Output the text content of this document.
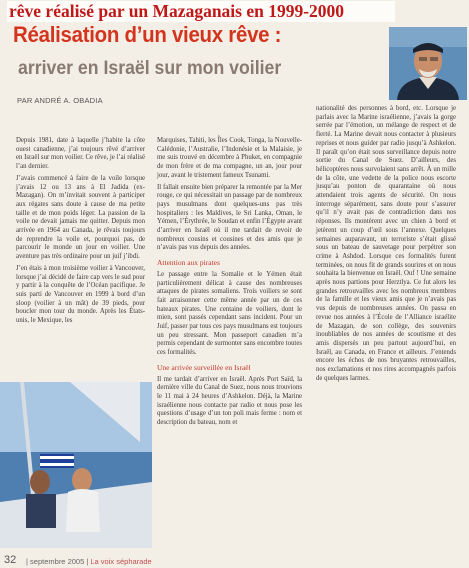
rêve réalisé par un Mazaganais en 1999-2000
Réalisation d’un vieux rêve :
arriver en Israël sur mon voilier
PAR ANDRÉ A. OBADIA

Depuis 1981, date à laquelle j’habite la côte ouest canadienne, j’ai toujours rêvé d’arriver en Israël sur mon voilier. Ce rêve, je l’ai réalisé l’an dernier.

J’avais commencé à faire de la voile lorsque j’avais 12 ou 13 ans à El Jadida (ex- Mazagan). On m’invitait souvent à participer aux régates sans doute à cause de ma petite taille et de mon poids léger. La passion de la voile ne devait jamais me quitter. Depuis mon arrivée en 1964 au Canada, je rêvais toujours de reprendre la voile et, pourquoi pas, de parcourir le monde un jour en voilier. Une aventure pas très ordinaire pour un juif j’ibdi.

J’en étais à mon troisième voilier à Vancouver, lorsque j’ai décidé de faire cap vers le sud pour y partir à la conquête de l’Océan pacifique. Je suis parti de Vancouver en 1999 à bord d’un sloop (voilier à un mât) de 39 pieds, pour boucler mon tour du monde. Après les États-unis, le Mexique, les

Marquises, Tahiti, les Îles Cook, Tonga, la Nouvelle-Calédonie, l’Australie, l’Indonésie et la Malaisie, je me suis trouvé en décembre à Phuket, en compagnie de mon frère et de ma compagne, un an, jour pour jour, avant le tristement fameux Tsunami.

Il fallait ensuite bien préparer la remontée par la Mer rouge, ce qui nécessitait un passage par de nombreux pays musulmans dont quelques-uns pas très hospitaliers : les Maldives, le Sri Lanka, Oman, le Yémen, l’Érythrée, le Soudan et enfin l’Égypte avant d’arriver en Israël où il me tardait de revoir de nombreux cousins et cousines et des amis que je n’avais pas vus depuis des années.

Attention aux pirates

Le passage entre la Somalie et le Yémen était particulièrement délicat à cause des nombreuses attaques de pirates somaliens. Trois voiliers se sont fait arraisonner cette même année par un de ces bateaux pirates. Une centaine de voiliers, dont le mien, sont passés cependant sans incident. Pour un Juif, passer par tous ces pays musulmans est toujours un peu stressant. Mon passeport canadien m’a permis cependant de surmonter sans encombre toutes ces formalités.

Une arrivée surveillée en Israël

Il me tardait d’arriver en Israël. Après Port Saïd, la dernière ville du Canal de Suez, nous nous trouvions le 11 mai à 24 heures d’Ashkelon. Déjà, la Marine israélienne nous contacte par radio et nous pose les questions d’usage d’un ton poli mais ferme : nom et description du bateau, nom et

nationalité des personnes à bord, etc. Lorsque je parlais avec la Marine israélienne, j’avais la gorge serrée par l’émotion, un mélange de respect et de fierté. La Marine devait nous contacter à plusieurs reprises et nous guider par radio jusqu’à Ashkelon. Il paraît qu’on était sous surveillance depuis notre sortie du Canal de Suez. D’ailleurs, des hélicoptères nous survolaient sans arrêt. À un mille de la côte, une vedette de la police nous escorte jusqu’au ponton de quarantaine où nous attendaient trois agents de sécurité. On nous interroge séparément, sans doute pour s’assurer qu’il n’y avait pas de contradiction dans nos réponses. Ils montèrent avec un chien à bord et jetèrent un coup d’œil sous l’annexe. Quelques semaines auparavant, un terroriste s’était glissé sous un bateau de sauvetage pour perpétrer son crime à Ashdod. Lorsque ces formalités furent terminées, on nous fit de grands sourires et on nous souhaita la bienvenue en Israël. Ouf ! Une semaine après nous partions pour Herztlya. Ce fut alors les grandes retrouvailles avec les nombreux membres de la famille et les vieux amis que je n’avais pas vus depuis de nombreuses années. On passa en revue nos années à l’École de l’Alliance israélite de Mazagan, de son collège, des souvenirs inoubliables de nos années de scoutisme et des amis dispersés un peu partout aujourd’hui, en Israël, au Canada, en France et ailleurs. J’entends encore les échos de nos bruyantes retrouvailles, nos exclamations et nos rires accompagnés parfois de quelques larmes.

32 | septembre 2005 | La voix sépharade
